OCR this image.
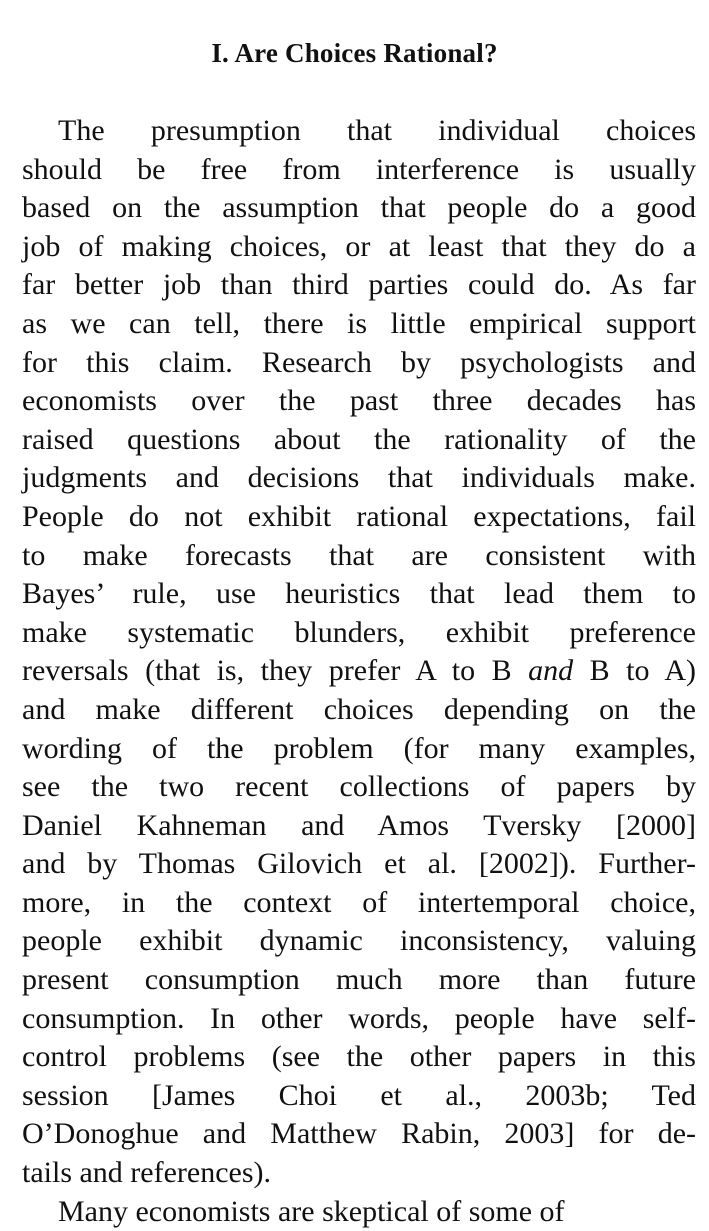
I. Are Choices Rational?
The presumption that individual choices
should be free from interference is usually
based on the assumption that people do a good
job of making choices, or at least that they do a
far better job than third parties could do. As far
as we can tell, there is little empirical support
for this claim. Research by psychologists and
economists over the past three decades has
raised questions about the rationality of the
judgments and decisions that individuals make.
People do not exhibit rational expectations, fail
to make forecasts that are consistent with
Bayes’ rule, use heuristics that lead them to
make systematic blunders, exhibit preference
reversals (that is, they prefer A to B and B to A)
and make different choices depending on the
wording of the problem (for many examples,
see the two recent collections of papers by
Daniel Kahneman and Amos Tversky [2000]
and by Thomas Gilovich et al. [2002]). Further-
more, in the context of intertemporal choice,
people exhibit dynamic inconsistency, valuing
present consumption much more than future
consumption. In other words, people have self-
control problems (see the other papers in this
session [James Choi et al., 2003b; Ted
O’Donoghue and Matthew Rabin, 2003] for de-
tails and references).
Many economists are skeptical of some of
